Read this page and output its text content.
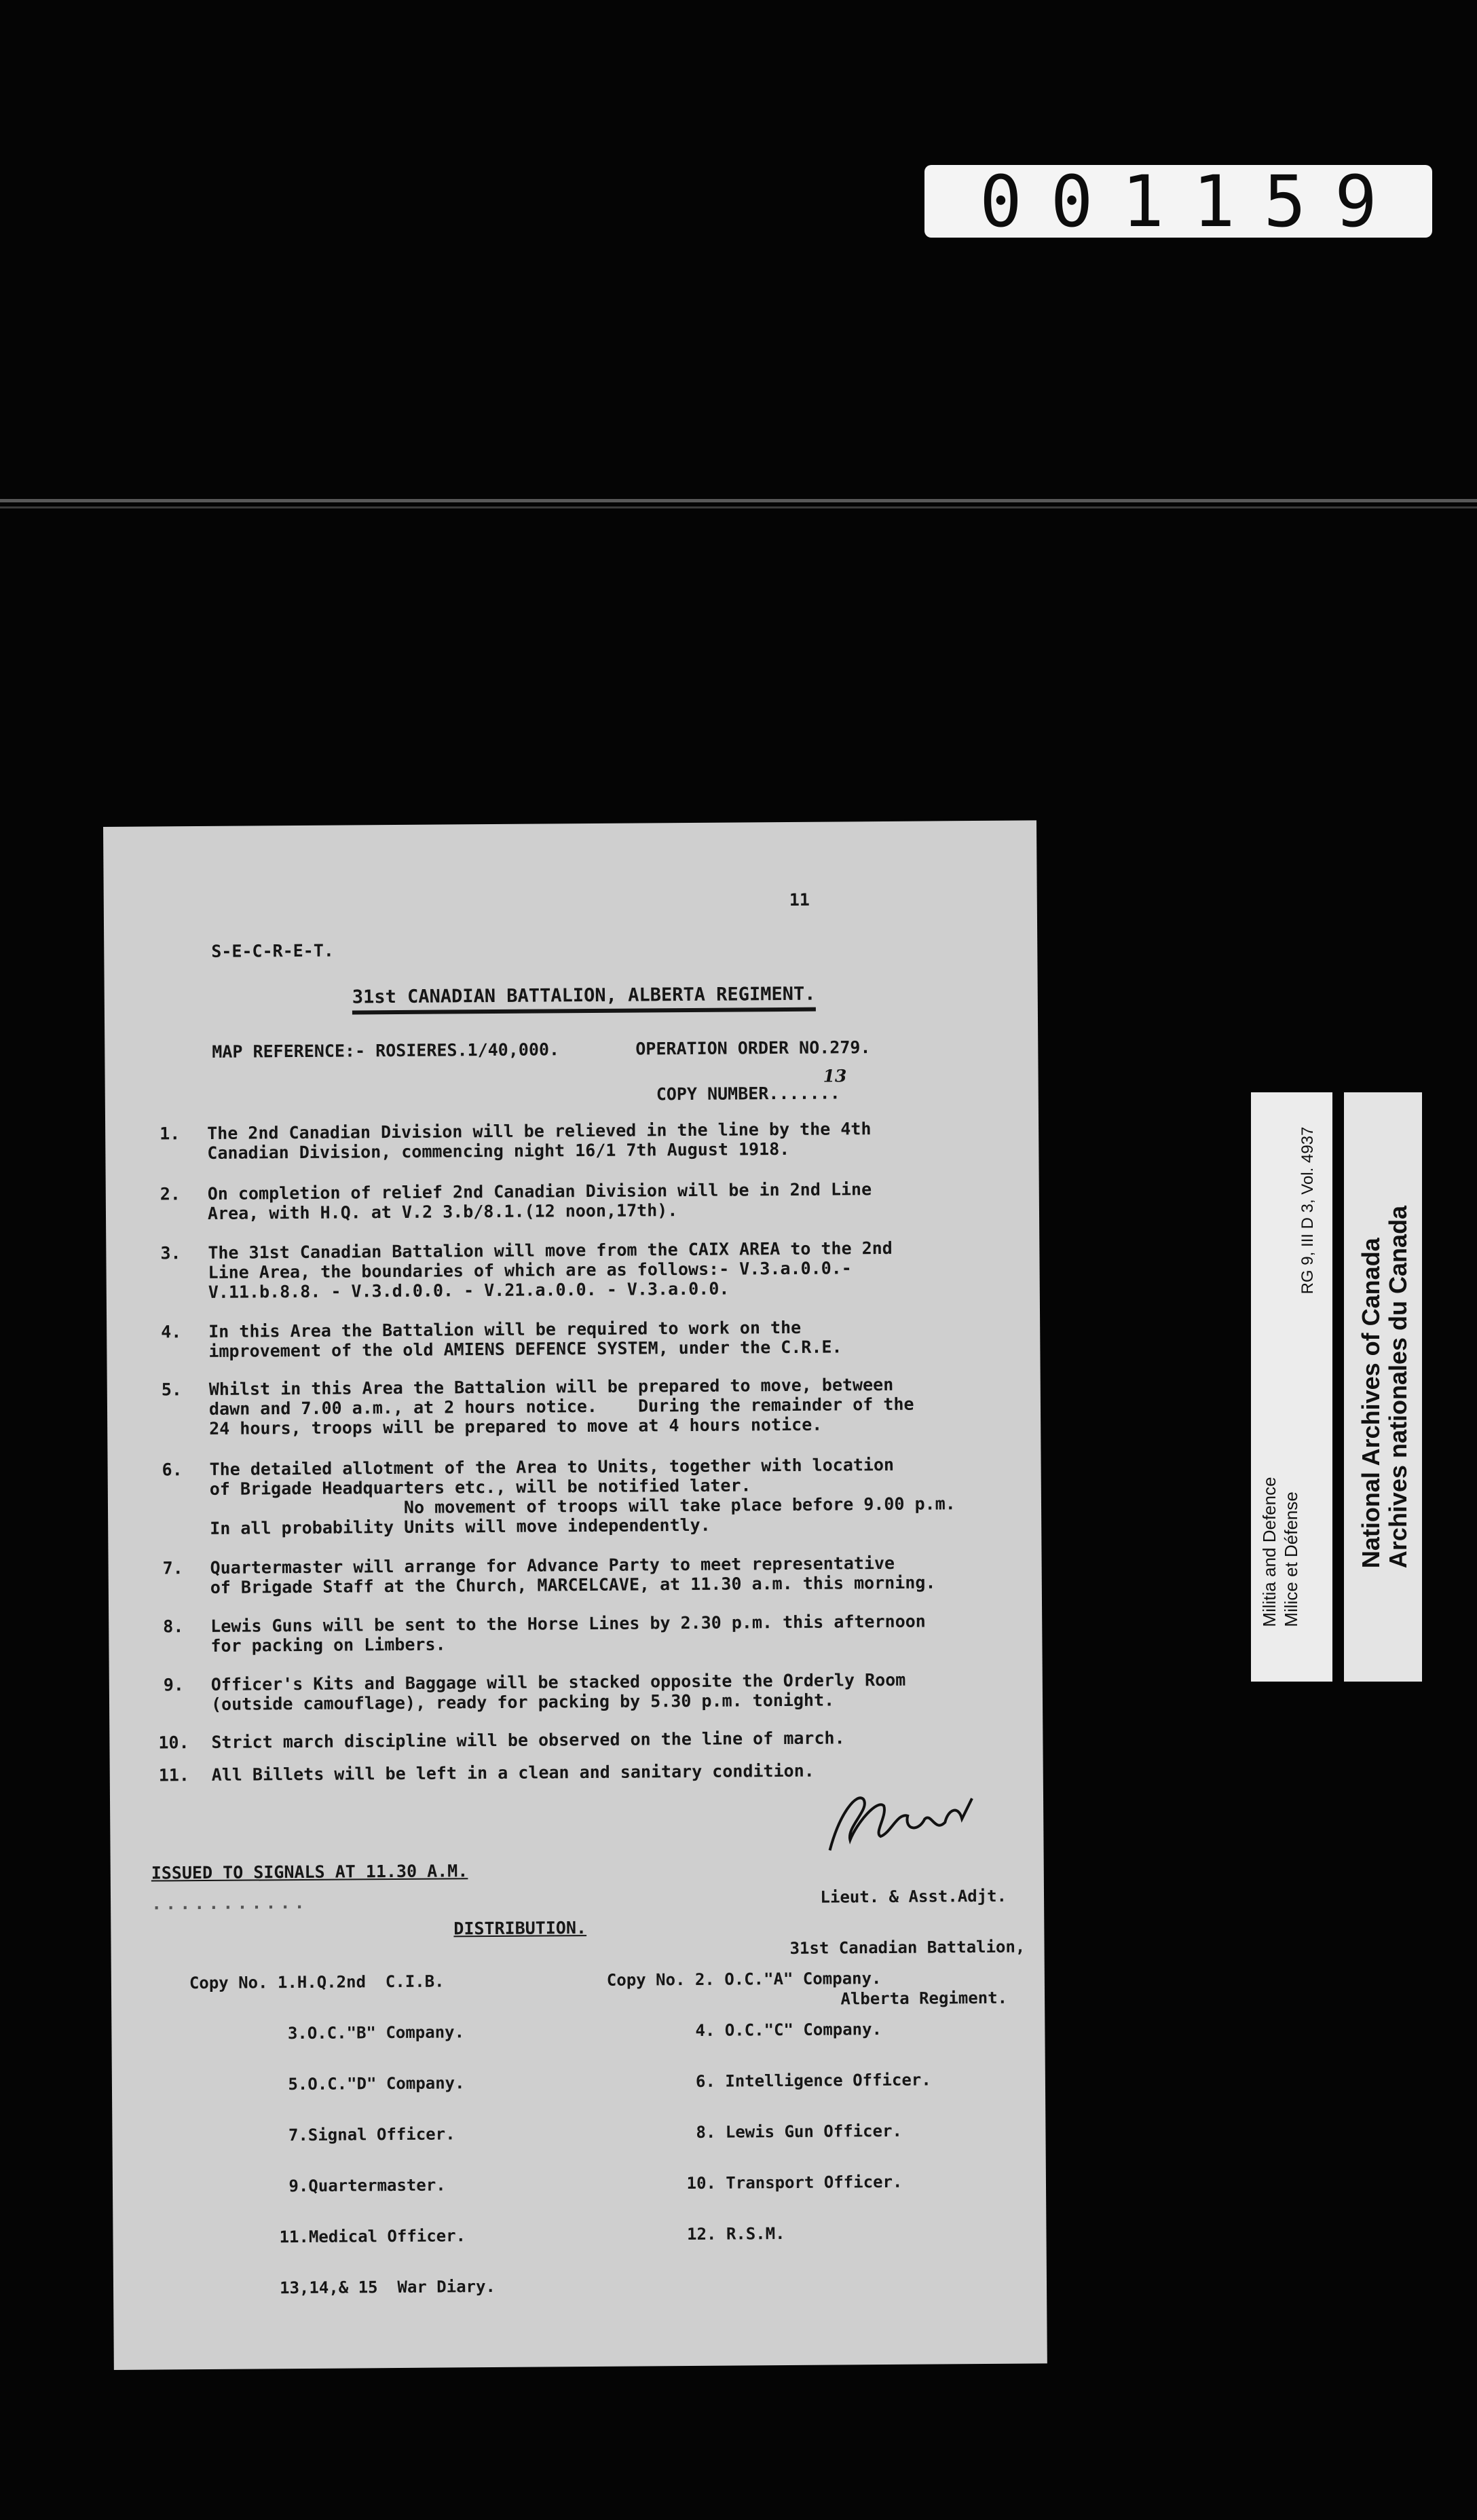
001159
Militia and Defence Milice et Défense
RG 9, III D 3, Vol. 4937
National Archives of Canada Archives nationales du Canada
11
S-E-C-R-E-T.
31st CANADIAN BATTALION, ALBERTA REGIMENT.
MAP REFERENCE:- ROSIERES.1/40,000.	OPERATION ORDER NO.279.
COPY NUMBER.......
13
1. The 2nd Canadian Division will be relieved in the line by the 4th
Canadian Division, commencing night 16/1 7th August 1918.
2. On completion of relief 2nd Canadian Division will be in 2nd Line
Area, with H.Q. at V.2 3.b/8.1.(12 noon,17th).
3. The 31st Canadian Battalion will move from the CAIX AREA to the 2nd
Line Area, the boundaries of which are as follows:- V.3.a.0.0.-
V.11.b.8.8. - V.3.d.0.0. - V.21.a.0.0. - V.3.a.0.0.
4. In this Area the Battalion will be required to work on the
improvement of the old AMIENS DEFENCE SYSTEM, under the C.R.E.
5. Whilst in this Area the Battalion will be prepared to move, between
dawn and 7.00 a.m., at 2 hours notice.    During the remainder of the
24 hours, troops will be prepared to move at 4 hours notice.
6. The detailed allotment of the Area to Units, together with location
of Brigade Headquarters etc., will be notified later.
No movement of troops will take place before 9.00 p.m.
In all probability Units will move independently.
7. Quartermaster will arrange for Advance Party to meet representative
of Brigade Staff at the Church, MARCELCAVE, at 11.30 a.m. this morning.
8. Lewis Guns will be sent to the Horse Lines by 2.30 p.m. this afternoon
for packing on Limbers.
9. Officer's Kits and Baggage will be stacked opposite the Orderly Room
(outside camouflage), ready for packing by 5.30 p.m. tonight.
10. Strict march discipline will be observed on the line of march.
11. All Billets will be left in a clean and sanitary condition.
ISSUED TO SIGNALS AT 11.30 A.M.
...........

	Lieut. & Asst.Adjt.

31st Canadian Battalion,

Alberta Regiment.

DISTRIBUTION.

Copy No. 1.H.Q.2nd  C.I.B.

3.O.C."B" Company.

5.O.C."D" Company.

7.Signal Officer.

9.Quartermaster.

11.Medical Officer.

13,14,& 15  War Diary.

Copy No. 2. O.C."A" Company.

4. O.C."C" Company.

6. Intelligence Officer.

8. Lewis Gun Officer.

10. Transport Officer.

12. R.S.M.
